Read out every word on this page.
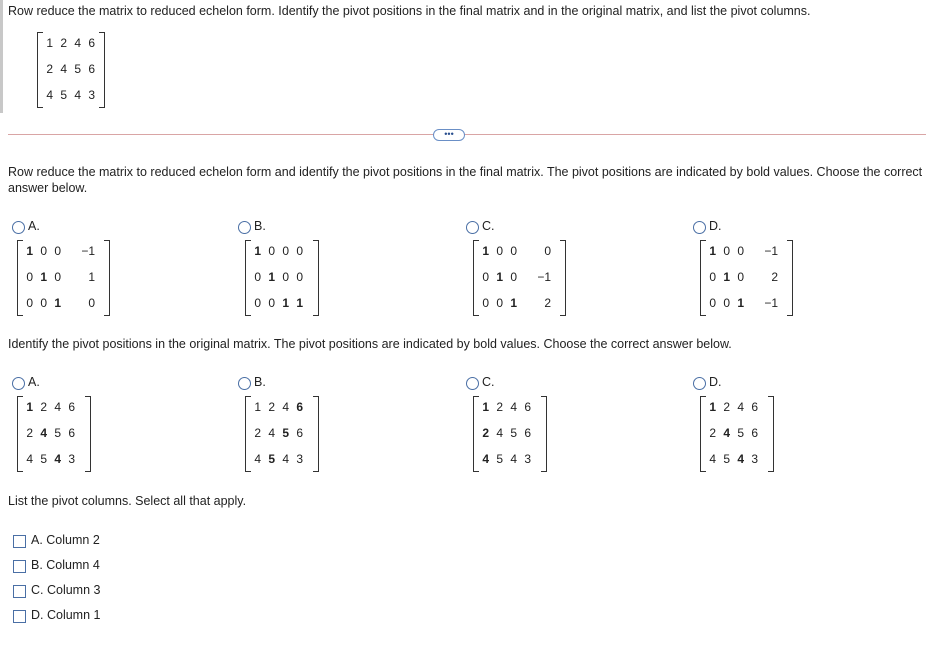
Row reduce the matrix to reduced echelon form. Identify the pivot positions in the final matrix and in the original matrix, and list the pivot columns.
1	2	4	6
2	4	5	6
4	5	4	3
•••
Row reduce the matrix to reduced echelon form and identify the pivot positions in the final matrix. The pivot positions are indicated by bold values. Choose the correct answer below.
A.
1	0	0	−1
0	1	0	1
0	0	1	0
B.
1	0	0	0
0	1	0	0
0	0	1	1
C.
1	0	0	0
0	1	0	−1
0	0	1	2
D.
1	0	0	−1
0	1	0	2
0	0	1	−1
Identify the pivot positions in the original matrix. The pivot positions are indicated by bold values. Choose the correct answer below.
A.
1	2	4	6
2	4	5	6
4	5	4	3
B.
1	2	4	6
2	4	5	6
4	5	4	3
C.
1	2	4	6
2	4	5	6
4	5	4	3
D.
1	2	4	6
2	4	5	6
4	5	4	3
List the pivot columns. Select all that apply.
A. Column 2
B. Column 4
C. Column 3
D. Column 1
